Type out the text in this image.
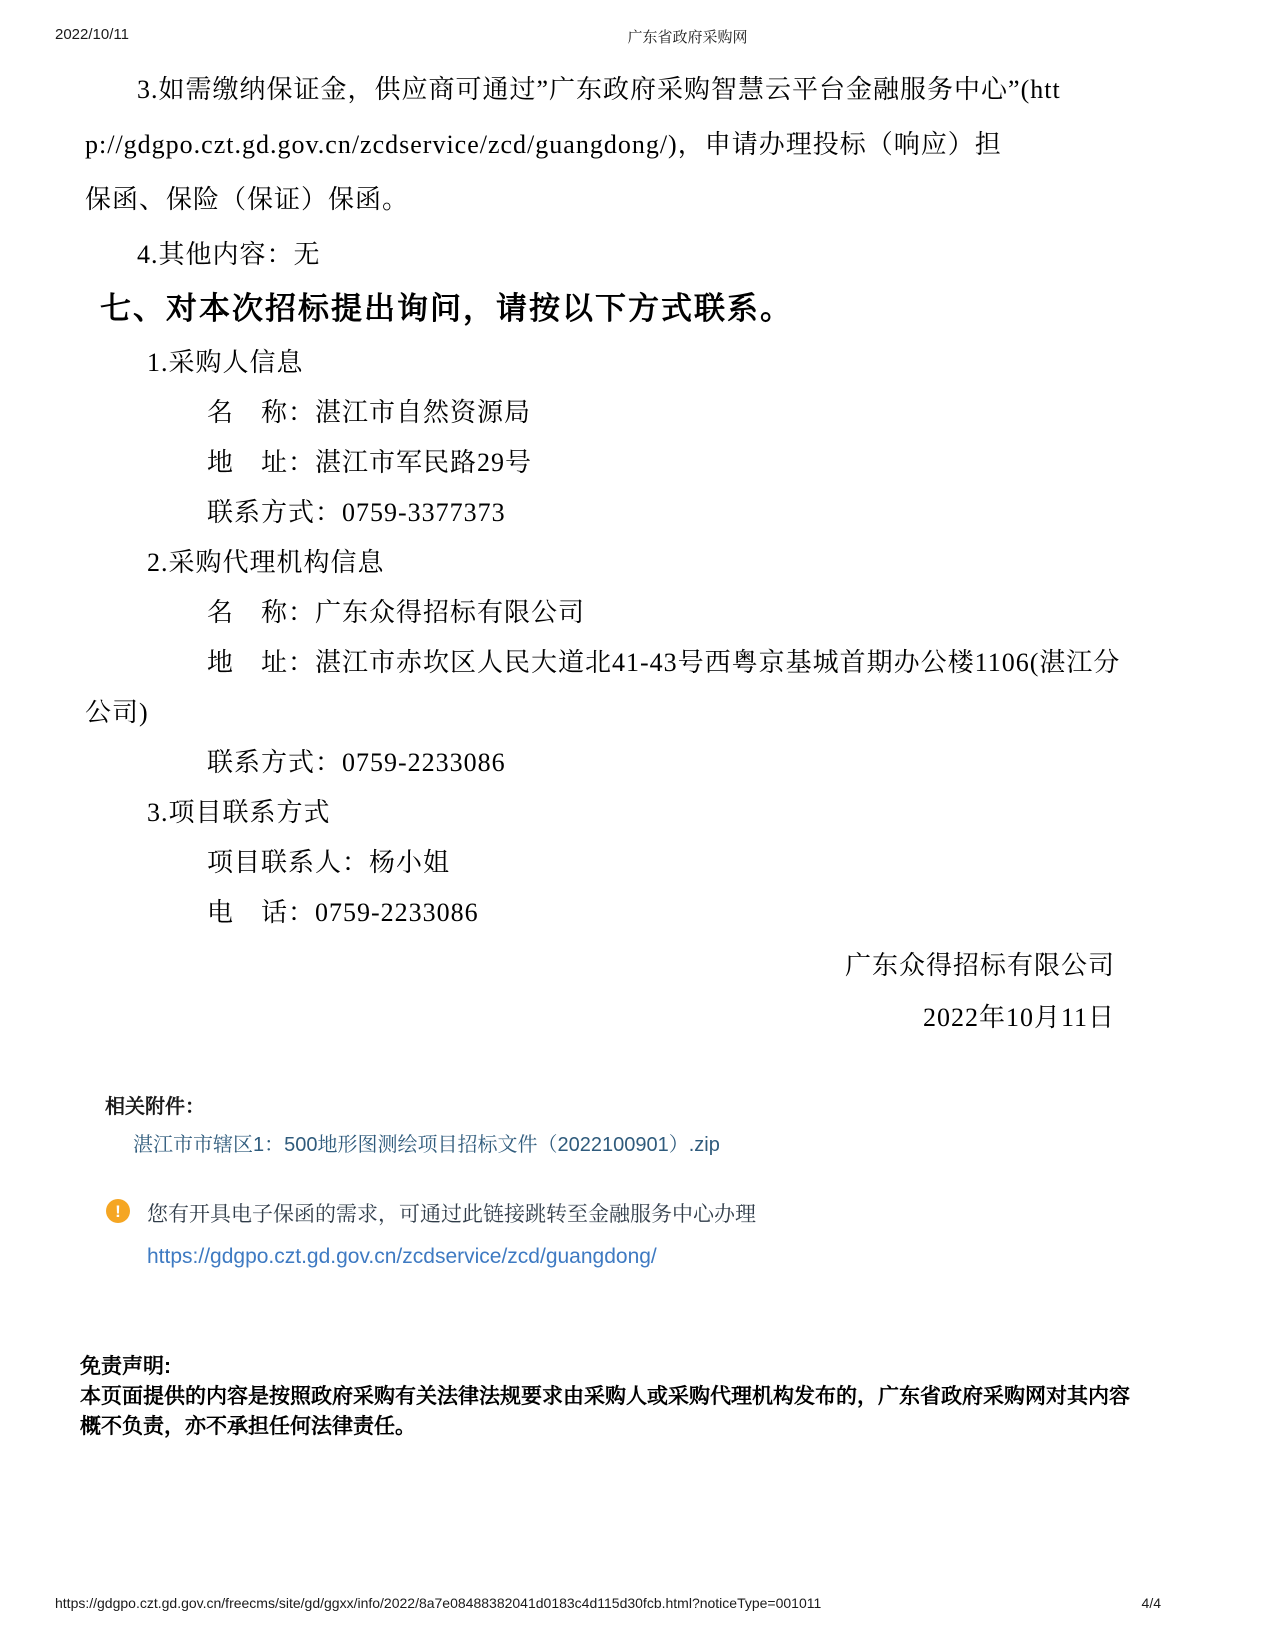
2022/10/11	广东省政府采购网
3.如需缴纳保证金，供应商可通过”广东政府采购智慧云平台金融服务中心”(htt
p://gdgpo.czt.gd.gov.cn/zcdservice/zcd/guangdong/)，申请办理投标（响应）担
保函、保险（保证）保函。
4.其他内容：无
七、对本次招标提出询问，请按以下方式联系。
1.采购人信息
名　称：湛江市自然资源局
地　址：湛江市军民路29号
联系方式：0759-3377373
2.采购代理机构信息
名　称：广东众得招标有限公司
地　址：湛江市赤坎区人民大道北41-43号西粤京基城首期办公楼1106(湛江分
公司)
联系方式：0759-2233086
3.项目联系方式
项目联系人：杨小姐
电　话：0759-2233086
广东众得招标有限公司
2022年10月11日
相关附件：
湛江市市辖区1：500地形图测绘项目招标文件（2022100901）.zip
!	您有开具电子保函的需求，可通过此链接跳转至金融服务中心办理
https://gdgpo.czt.gd.gov.cn/zcdservice/zcd/guangdong/
免责声明:
本页面提供的内容是按照政府采购有关法律法规要求由采购人或采购代理机构发布的，广东省政府采购网对其内容
概不负责，亦不承担任何法律责任。
https://gdgpo.czt.gd.gov.cn/freecms/site/gd/ggxx/info/2022/8a7e08488382041d0183c4d115d30fcb.html?noticeType=001011	4/4
